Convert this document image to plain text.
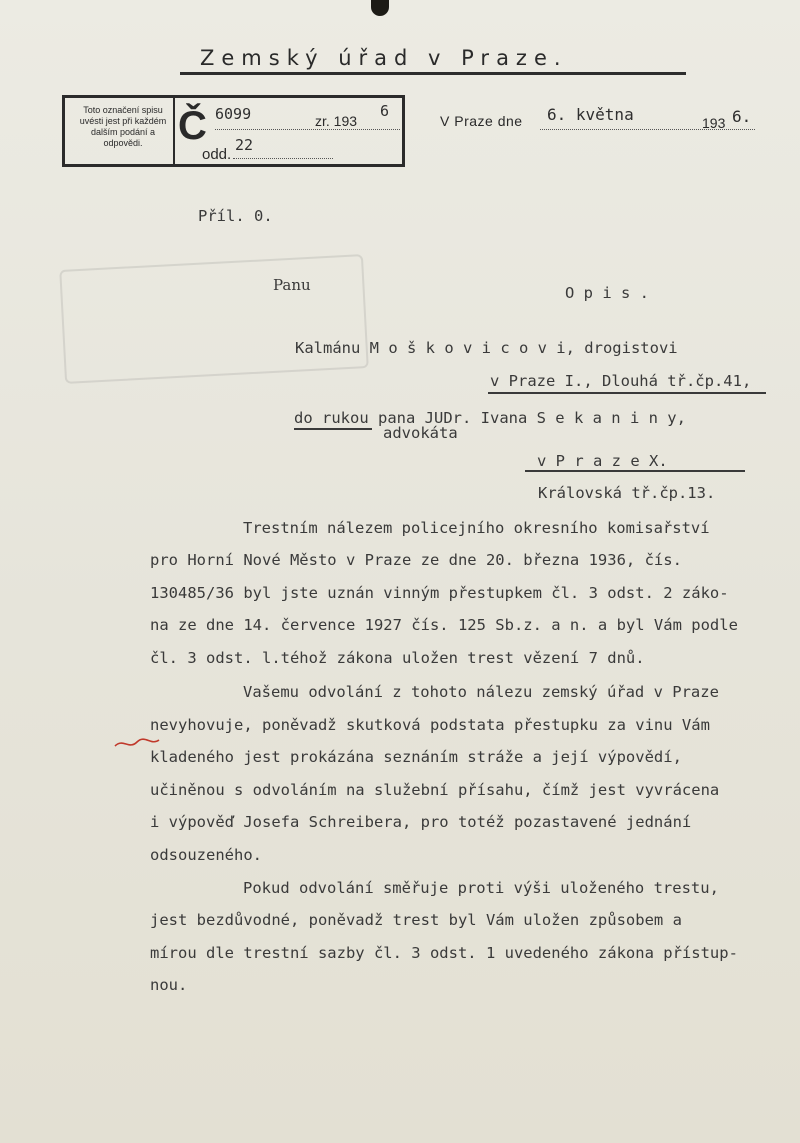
Zemský úřad v Praze.
Toto označení spisu uvésti jest při každém dalším podání a odpovědi. Č 6099	zr. 193
6
odd.
22
V Praze dne 6. května	193 6.
Příl. 0.
Panu	O p i s .
Kalmánu M o š k o v i c o v i, drogistovi
v Praze I., Dlouhá tř.čp.41,
do rukou pana JUDr. Ivana S e k a n i n y,
advokáta
v P r a z e X.
Královská tř.čp.13.
Trestním nálezem policejního okresního komisařství
pro Horní Nové Město v Praze ze dne 20. března 1936, čís.
130485/36 byl jste uznán vinným přestupkem čl. 3 odst. 2 záko-
na ze dne 14. července 1927 čís. 125 Sb.z. a n. a byl Vám podle
čl. 3 odst. l.téhož zákona uložen trest vězení 7 dnů.
Vašemu odvolání z tohoto nálezu zemský úřad v Praze
nevyhovuje, poněvadž skutková podstata přestupku za vinu Vám
kladeného jest prokázána seznáním stráže a její výpovědí,
učiněnou s odvoláním na služební přísahu, čímž jest vyvrácena
i výpověď Josefa Schreibera, pro totéž pozastavené jednání
odsouzeného.
Pokud odvolání směřuje proti výši uloženého trestu,
jest bezdůvodné, poněvadž trest byl Vám uložen způsobem a
mírou dle trestní sazby čl. 3 odst. 1 uvedeného zákona přístup-
nou.
